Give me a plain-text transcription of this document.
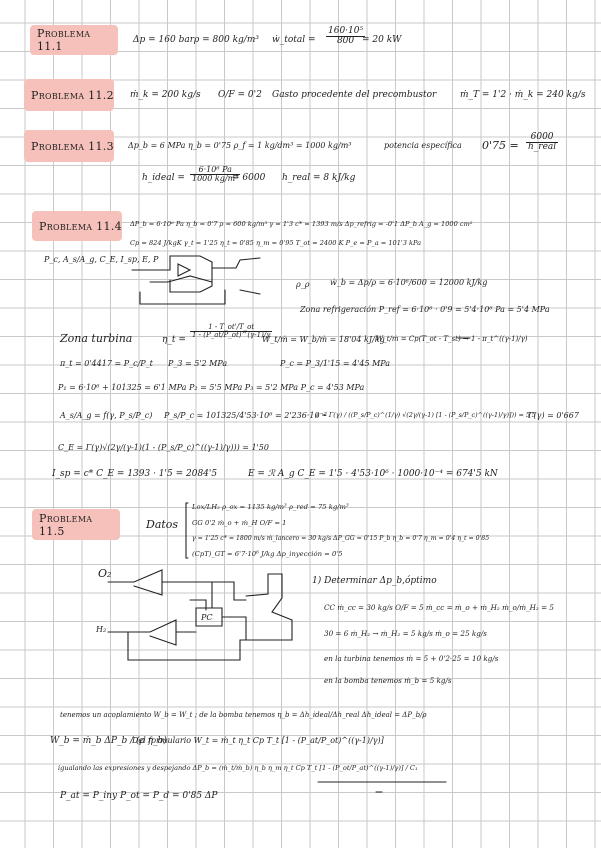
Problema 11.1	Δp = 160 bar ρ = 800 kg/m³ ẇ_total = $\frac{\text{160·10⁵}}{800}$
= 20 kW
Problema 11.2 ṁ_k = 200 kg/s O/F = 0'2 Gasto procedente del precombustor	ṁ_T = 1'2 · ṁ_k = 240 kg/s
Problema 11.3 Δp_b = 6 MPa η_b = 0'75 ρ_f = 1 kg/dm³ = 1000 kg/m³	potencia específica 0'75 =
6000
h_real
h_ideal = $\frac{\text{6·10⁶ Pa}}{\text{1000 kg/m³}}$
= 6000 h_real = 8 kJ/kg
Problema 11.4 ΔP_b = 6·10⁶ Pa η_b = 0'7 ρ = 600 kg/m³ γ = 1'3 c* = 1393 m/s Δp_refrig = -0'1 ΔP_b A_g = 1000 cm²
Cp = 824 J/kgK γ_t = 1'25 η_t = 0'85 η_m = 0'95 T_ot = 2400 K P_e = P_a = 101'3 kPa
P_c, A_s/A_g, C_E, I_sp, E, P
ρ_ρ	ẇ_b = Δp/ρ = 6·10⁶/600 = 12000 kJ/kg
Zona refrigeración P_ref = 6·10⁶ · 0'9 = 5'4·10⁶ Pa = 5'4 MPa
Zona turbina	η_t =
$\frac{1 - T\_ot'/T\_ot}{1 - (P\_at/P\_ot)\^{}(\gamma-1)/\gamma}$
W_t/ṁ = W_b/ṁ = 18'04 kJ/kg
W_t/ṁ = Cp(T_ot - T_st) → 1 - π_t^((γ-1)/γ)
π_t = 0'4417 = P_c/P_t P_3 = 5'2 MPa	P_c = P_3/1'15 = 4'45 MPa
P₁ = 6·10⁶ + 101325 = 6'1 MPa P₂ = 5'5 MPa P₃ = 5'2 MPa P_c = 4'53 MPa
A_s/A_g = f(γ, P_s/P_c) P_s/P_c = 101325/4'53·10⁶ = 2'236·10⁻²
ε = Γ(γ) / ((P_s/P_c)^(1/γ) √(2γ/(γ-1) [1 - (P_s/P_c)^((γ-1)/γ)])) = 5'5
Γ(γ) = 0'667
C_E = Γ(γ)√(2γ/(γ-1)(1 - (P_s/P_c)^((γ-1)/γ))) = 1'50
I_sp = c* C_E = 1393 · 1'5 = 2084'5	E = ℛ A_g C_E = 1'5 · 4'53·10⁶ · 1000·10⁻⁴ = 674'5 kN
Problema 11.5	Datos
Lox/LH₂ ρ_ox = 1135 kg/m³ ρ_red = 75 kg/m³
GG 0'2 ṁ_o + ṁ_H O/F = 1
γ = 1'25 c* = 1800 m/s ṁ_lancero = 30 kg/s ΔP_GG = 0'15 P_b η_b = 0'7 η_m = 0'4 η_t = 0'85
(CpT)_GT = 6'7·10⁶ J/kg Δp_inyección = 0'5
O₂
H₂
PC
1) Determinar Δp_b,óptimo
CC ṁ_cc = 30 kg/s O/F = 5 ṁ_cc = ṁ_o + ṁ_H₂ ṁ_o/ṁ_H₂ = 5
30 = 6 ṁ_H₂ → ṁ_H₂ = 5 kg/s ṁ_o = 25 kg/s
en la turbina tenemos ṁ = 5 + 0'2·25 = 10 kg/s
en la bomba tenemos ṁ_b = 5 kg/s
tenemos un acoplamiento W_b = W_t ; de la bomba tenemos η_b = Δh_ideal/Δh_real Δh_ideal = ΔP_b/ρ
W_b = ṁ_b ΔP_b / (ρ η_b)
Del formulario W_t = ṁ_t η_t Cp T_t [1 - (P_at/P_ot)^((γ-1)/γ)]
igualando las expresiones y despejando ΔP_b = (ṁ_t/ṁ_b) η_b η_m η_t Cp T_t [1 - (P_ot/P_at)^((γ-1)/γ)] / C₁
P_at = P_iny P_ot = P_d = 0'85 ΔP
